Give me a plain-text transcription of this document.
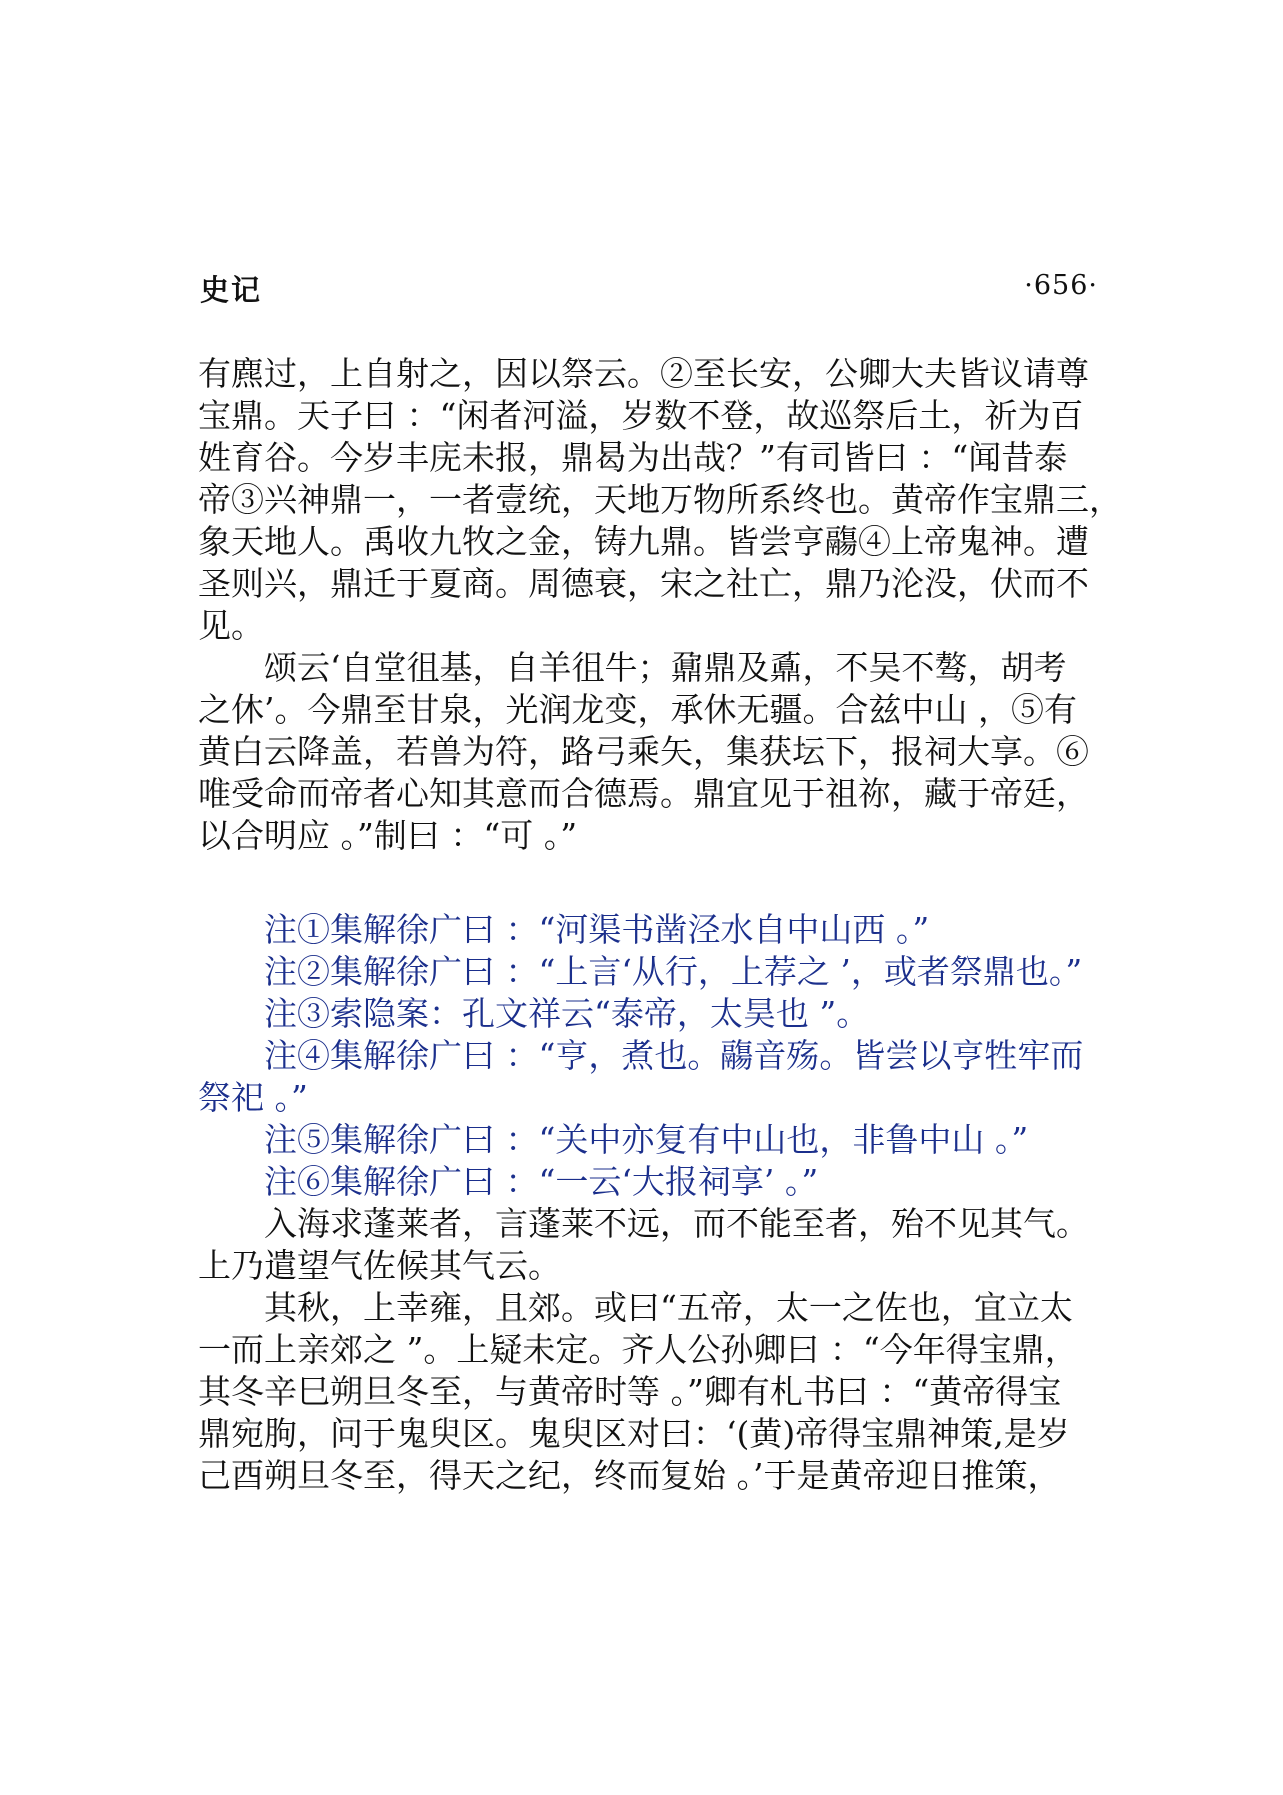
史记	·656·
有麃过，上自射之，因以祭云。②至长安，公卿大夫皆议请尊
宝鼎。天子曰 ：“闲者河溢，岁数不登，故巡祭后土，祈为百
姓育谷。今岁丰庑未报，鼎曷为出哉？”有司皆曰 ：“闻昔泰
帝③兴神鼎一，一者壹统，天地万物所系终也。黄帝作宝鼎三，
象天地人。禹收九牧之金，铸九鼎。皆尝亨鬺④上帝鬼神。遭
圣则兴，鼎迁于夏商。周德衰，宋之社亡，鼎乃沦没，伏而不
见。
颂云‘自堂徂基，自羊徂牛；鼐鼎及鼒，不吴不骜，胡考
之休’。今鼎至甘泉，光润龙变，承休无疆。合兹中山 ，⑤有
黄白云降盖，若兽为符，路弓乘矢，集获坛下，报祠大享。⑥
唯受命而帝者心知其意而合德焉。鼎宜见于祖祢，藏于帝廷，
以合明应 。”制曰 ：“可 。”
注①集解徐广曰 ：“河渠书凿泾水自中山西 。”
注②集解徐广曰 ：“上言‘从行，上荐之 ’，或者祭鼎也。”
注③索隐案：孔文祥云“泰帝，太昊也 ”。
注④集解徐广曰 ：“亨，煮也。鬺音殇。皆尝以亨牲牢而
祭祀 。”
注⑤集解徐广曰 ：“关中亦复有中山也，非鲁中山 。”
注⑥集解徐广曰 ：“一云‘大报祠享’ 。”
入海求蓬莱者，言蓬莱不远，而不能至者，殆不见其气。
上乃遣望气佐候其气云。
其秋，上幸雍，且郊。或曰“五帝，太一之佐也，宜立太
一而上亲郊之 ”。上疑未定。齐人公孙卿曰 ：“今年得宝鼎，
其冬辛巳朔旦冬至，与黄帝时等 。”卿有札书曰 ：“黄帝得宝
鼎宛朐，问于鬼臾区。鬼臾区对曰：‘(黄)帝得宝鼎神策,是岁
己酉朔旦冬至，得天之纪，终而复始 。’于是黄帝迎日推策，
